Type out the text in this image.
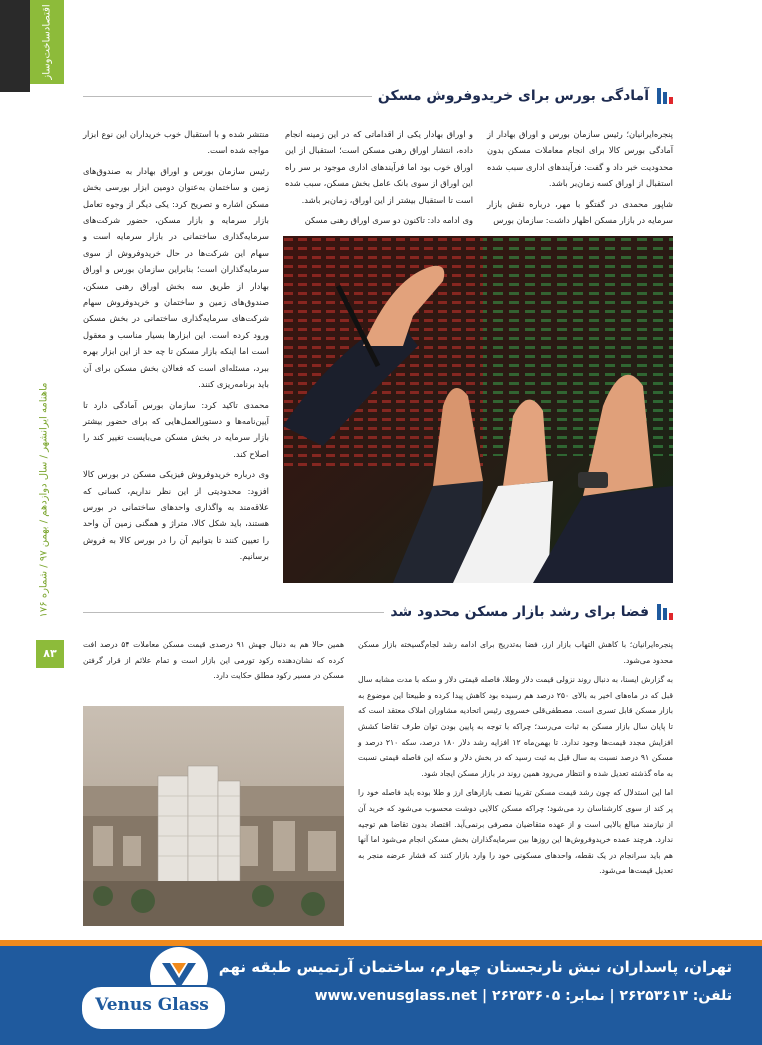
اقتصاد‌ساخت‌و‌ساز
ماهنامه ایرانشهر / سال دوازدهم / بهمن ۹۷ / شماره ۱۷۶
۸۳
آمادگی بورس برای خریدوفروش مسکن

پنجره‌ایرانیان؛ رئیس سازمان بورس و اوراق بهادار از آمادگی بورس کالا برای انجام معاملات مسکن بدون محدودیت خبر داد و گفت: فرآیندهای اداری سبب شده استقبال از اوراق کسه زمان‌بر باشد.

شاپور محمدی در گفتگو با مهر، درباره نقش بازار سرمایه در بازار مسکن اظهار داشت: سازمان بورس

و اوراق بهادار یکی از اقداماتی که در این زمینه انجام داده، انتشار اوراق رهنی مسکن است؛ استقبال از این اوراق خوب بود اما فرآیندهای اداری موجود بر سر راه این اوراق از سوی بانک عامل بخش مسکن، سبب شده است تا استقبال بیشتر از این اوراق، زمان‌بر باشد.

وی ادامه داد: تاکنون دو سری اوراق رهنی مسکن

منتشر شده و با استقبال خوب خریداران این نوع ابزار مواجه شده است.

رئیس سازمان بورس و اوراق بهادار به صندوق‌های زمین و ساختمان به‌عنوان دومین ابزار بورسی بخش مسکن اشاره و تصریح کرد: یکی دیگر از وجوه تعامل بازار سرمایه و بازار مسکن، حضور شرکت‌های سرمایه‌گذاری ساختمانی در بازار سرمایه است و سهام این شرکت‌ها در حال خریدوفروش از سوی سرمایه‌گذاران است؛ بنابراین سازمان بورس و اوراق بهادار از طریق سه بخش اوراق رهنی مسکن، صندوق‌های زمین و ساختمان و خریدوفروش سهام شرکت‌های سرمایه‌گذاری ساختمانی در بخش مسکن ورود کرده است. این ابزارها بسیار مناسب و معقول است اما اینکه بازار مسکن تا چه حد از این ابزار بهره ببرد، مسئله‌ای است که فعالان بخش مسکن برای آن باید برنامه‌ریزی کنند.

محمدی تاکید کرد: سازمان بورس آمادگی دارد تا آیین‌نامه‌ها و دستورالعمل‌هایی که برای حضور بیشتر بازار سرمایه در بخش مسکن می‌بایست تغییر کند را اصلاح کند.

وی درباره خریدوفروش فیزیکی مسکن در بورس کالا افزود: محدودیتی از این نظر نداریم، کسانی که علاقه‌مند به واگذاری واحدهای ساختمانی در بورس هستند، باید شکل کالا، متراژ و همگنی زمین آن واحد را تعیین کنند تا بتوانیم آن را در بورس کالا به فروش برسانیم.

فضا برای رشد بازار مسکن محدود شد

پنجره‌ایرانیان؛ با کاهش التهاب بازار ارز، فضا به‌تدریج برای ادامه رشد لجام‌گسیخته بازار مسکن محدود می‌شود.

به گزارش ایسنا، به دنبال روند نزولی قیمت دلار وطلا، فاصله قیمتی دلار و سکه با مدت مشابه سال قبل که در ماه‌های اخیر به بالای ۲۵۰ درصد هم رسیده بود کاهش پیدا کرده و طبیعتا این موضوع به بازار مسکن قابل تسری است. مصطفی‌قلی خسروی رئیس اتحادیه مشاوران املاک معتقد است که تا پایان سال بازار مسکن به ثبات می‌رسد؛ چراکه با توجه به پایین بودن توان طرف تقاضا کشش افزایش مجدد قیمت‌ها وجود ندارد. تا بهمن‌ماه ۱۲ افزایه رشد دلار ۱۸۰ درصد، سکه ۲۱۰ درصد و مسکن ۹۱ درصد نسبت به سال قبل به ثبت رسید که در بخش دلار و سکه این فاصله قیمتی نسبت به ماه گذشته تعدیل شده و انتظار می‌رود همین روند در بازار مسکن ایجاد شود.

اما این استدلال که چون رشد قیمت مسکن تقریبا نصف بازارهای ارز و طلا بوده باید فاصله خود را پر کند از سوی کارشناسان رد می‌شود؛ چراکه مسکن کالایی دوشت محسوب می‌شود که خرید آن از نیازمند مبالغ بالایی است و از عهده متقاضیان مصرفی برنمی‌آید. اقتصاد بدون تقاضا هم توجیه ندارد. هرچند عمده خریدوفروش‌ها این روزها بین سرمایه‌گذاران بخش مسکن انجام می‌شود اما آنها هم باید سرانجام در یک نقطه، واحدهای مسکونی خود را وارد بازار کنند که فشار عرضه منجر به تعدیل قیمت‌ها می‌شود.

همین حالا هم به دنبال جهش ۹۱ درصدی قیمت مسکن معاملات ۵۴ درصد افت کرده که نشان‌دهنده رکود تورمی این بازار است و تمام علائم از قرار گرفتن مسکن در مسیر رکود مطلق حکایت دارد.

تهران، پاسداران، نبش نارنجستان چهارم، ساختمان آرتمیس طبقه نهم
www.venusglass.net | تلفن: ۲۶۲۵۳۶۱۳ | نمابر: ۲۶۲۵۳۶۰۵
Venus Glass
